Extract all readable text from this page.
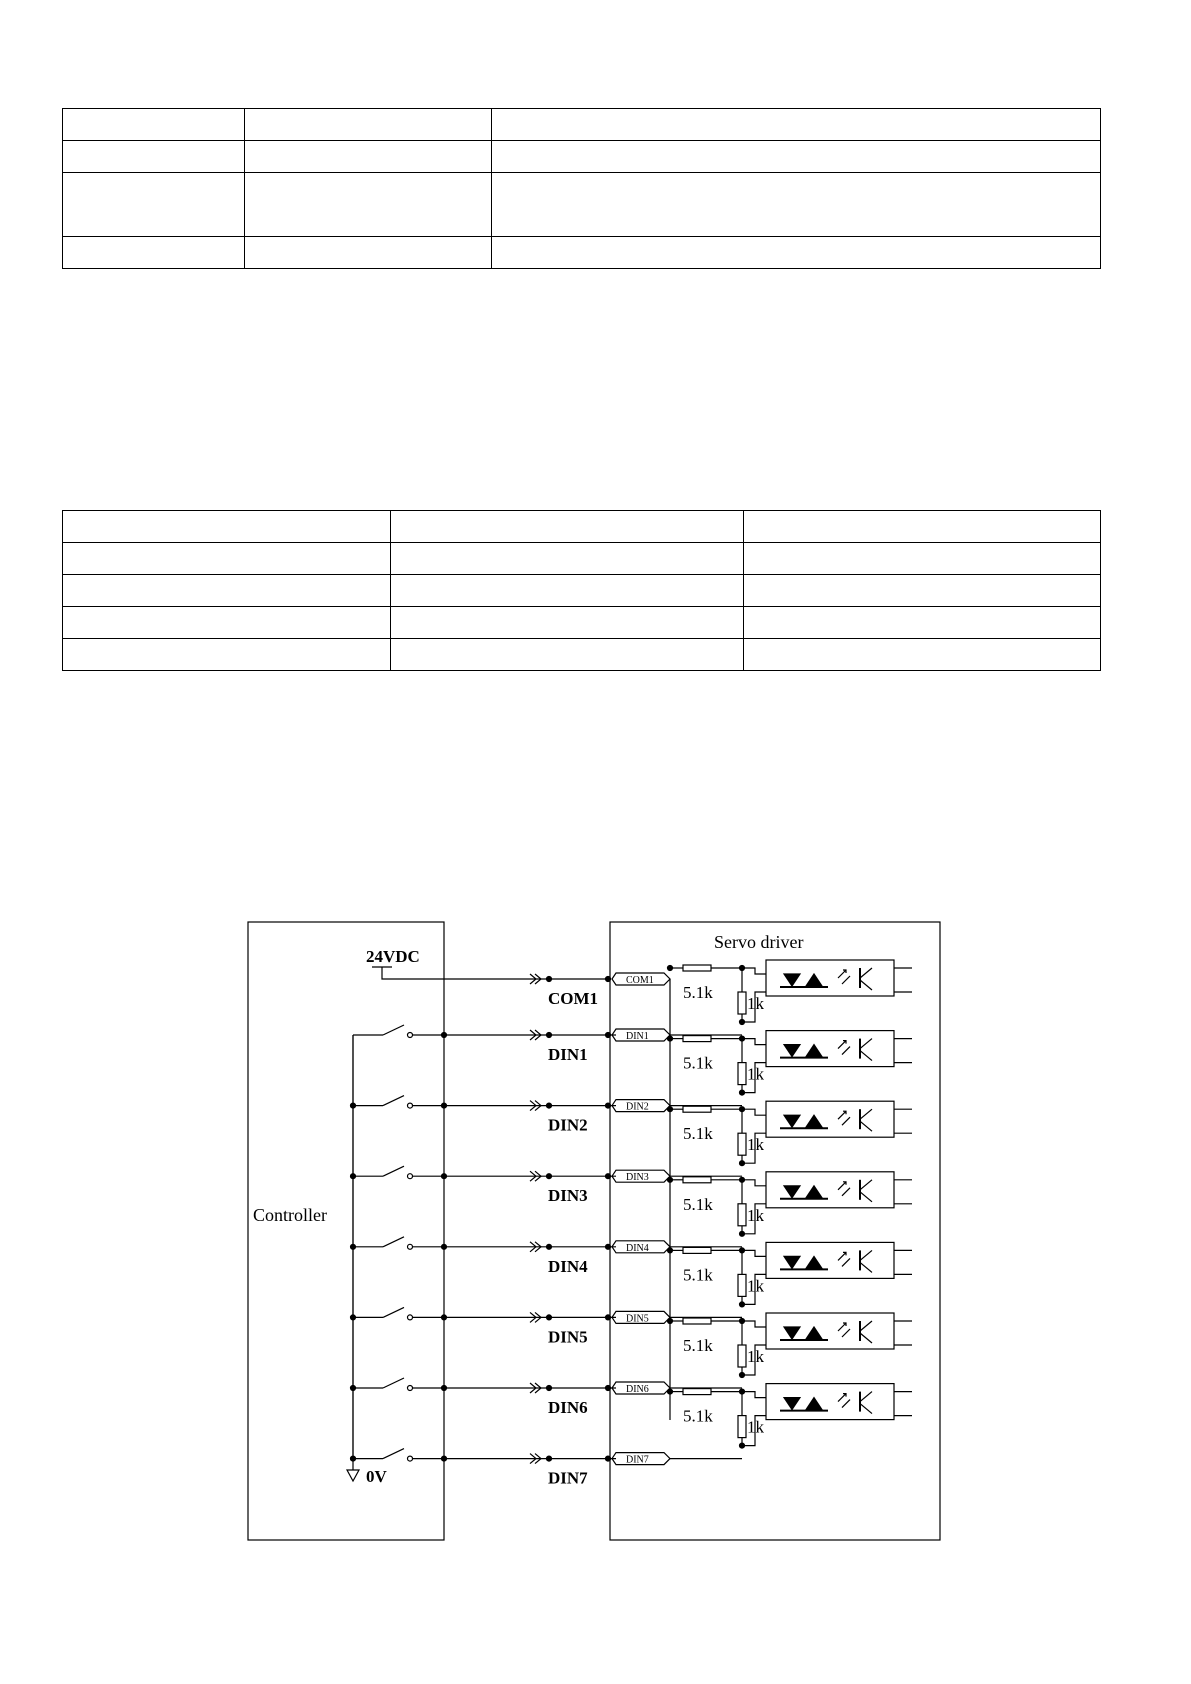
Controller
Servo driver
24VDC
COM1
COM1
0V
5.1k
1k
5.1k
1k
5.1k
1k
5.1k
1k
5.1k
1k
5.1k
1k
5.1k
1k
DIN1
DIN1
DIN2
DIN2
DIN3
DIN3
DIN4
DIN4
DIN5
DIN5
DIN6
DIN6
DIN7
DIN7
